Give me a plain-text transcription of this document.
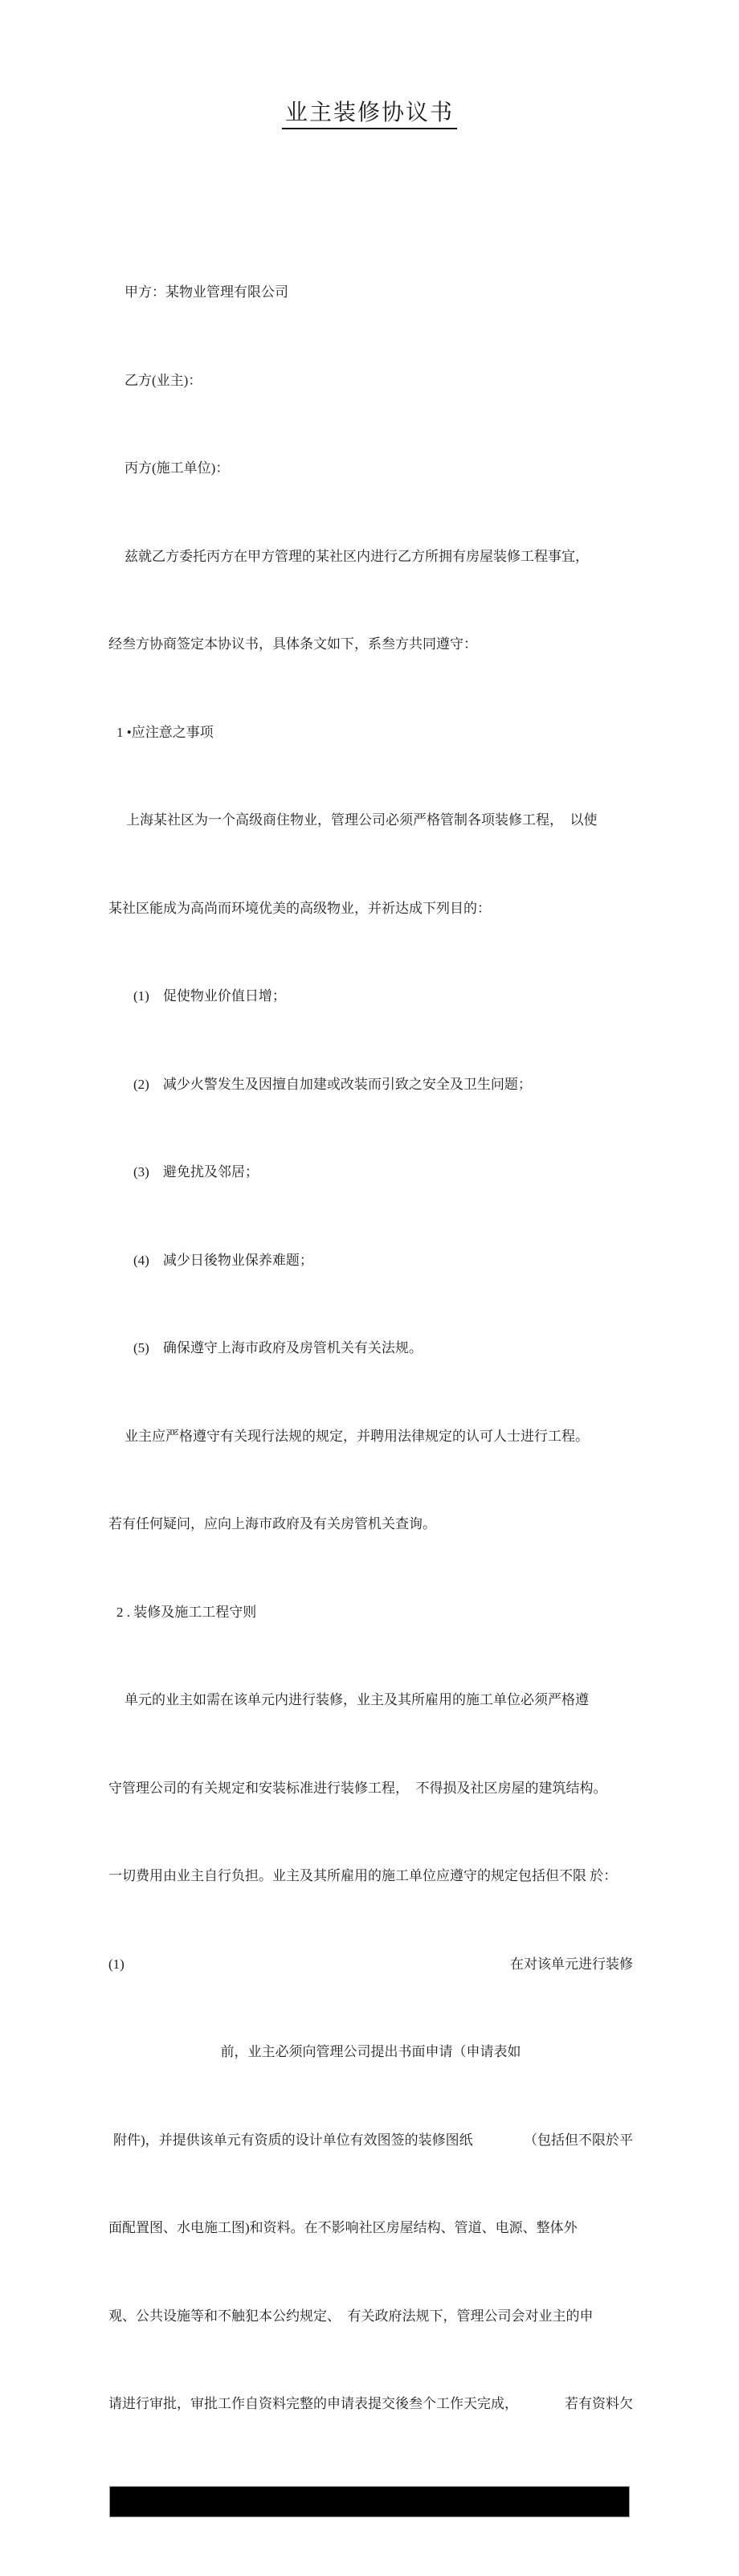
业主装修协议书

甲方：某物业管理有限公司

乙方(业主)：

丙方(施工单位)：

兹就乙方委托丙方在甲方管理的某社区内进行乙方所拥有房屋装修工程事宜，

经叁方协商签定本协议书，具体条文如下，系叁方共同遵守：

1 •应注意之事项

上海某社区为一个高级商住物业，管理公司必须严格管制各项装修工程，　以使

某社区能成为高尚而环境优美的高级物业，并祈达成下列目的：

(1)　促使物业价值日增；

(2)　减少火警发生及因擅自加建或改装而引致之安全及卫生问题；

(3)　避免扰及邻居；

(4)　减少日後物业保养难题；

(5)　确保遵守上海市政府及房管机关有关法规。

业主应严格遵守有关现行法规的规定，并聘用法律规定的认可人士进行工程。

若有任何疑问，应向上海市政府及有关房管机关查询。

2 . 装修及施工工程守则

单元的业主如需在该单元内进行装修，业主及其所雇用的施工单位必须严格遵

守管理公司的有关规定和安装标准进行装修工程，　不得损及社区房屋的建筑结构。

一切费用由业主自行负担。业主及其所雇用的施工单位应遵守的规定包括但不限 於：

(1)	在对该单元进行装修

前，业主必须向管理公司提出书面申请（申请表如

附件)，并提供该单元有资质的设计单位有效图签的装修图纸	（包括但不限於平

面配置图、水电施工图)和资料。在不影响社区房屋结构、管道、电源、整体外

观、公共设施等和不触犯本公约规定、　有关政府法规下，管理公司会对业主的申

请进行审批，审批工作自资料完整的申请表提交後叁个工作天完成，	若有资料欠
